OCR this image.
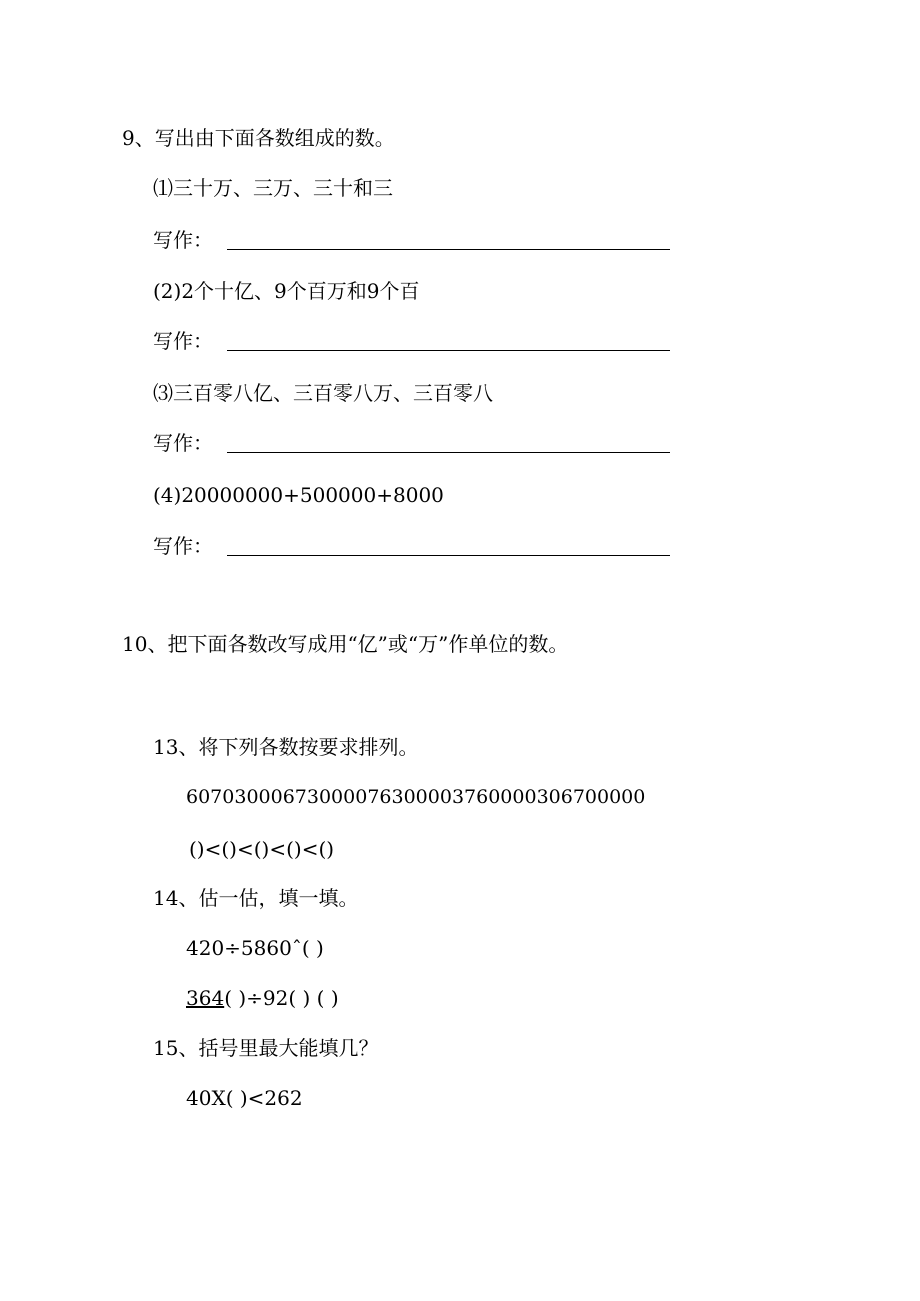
9、写出由下面各数组成的数。
⑴三十万、三万、三十和三
写作：
(2)2个十亿、9个百万和9个百
写作：
⑶三百零八亿、三百零八万、三百零八
写作：
(4)20000000+500000+8000
写作：
10、把下面各数改写成用“亿”或“万”作单位的数。
13、将下列各数按要求排列。
60703000673000076300003760000306700000
()<()<()<()<()
14、估一估，填一填。
420÷5860ˆ( )
364( )÷92( ) ( )
15、括号里最大能填几？
40X( )<262
